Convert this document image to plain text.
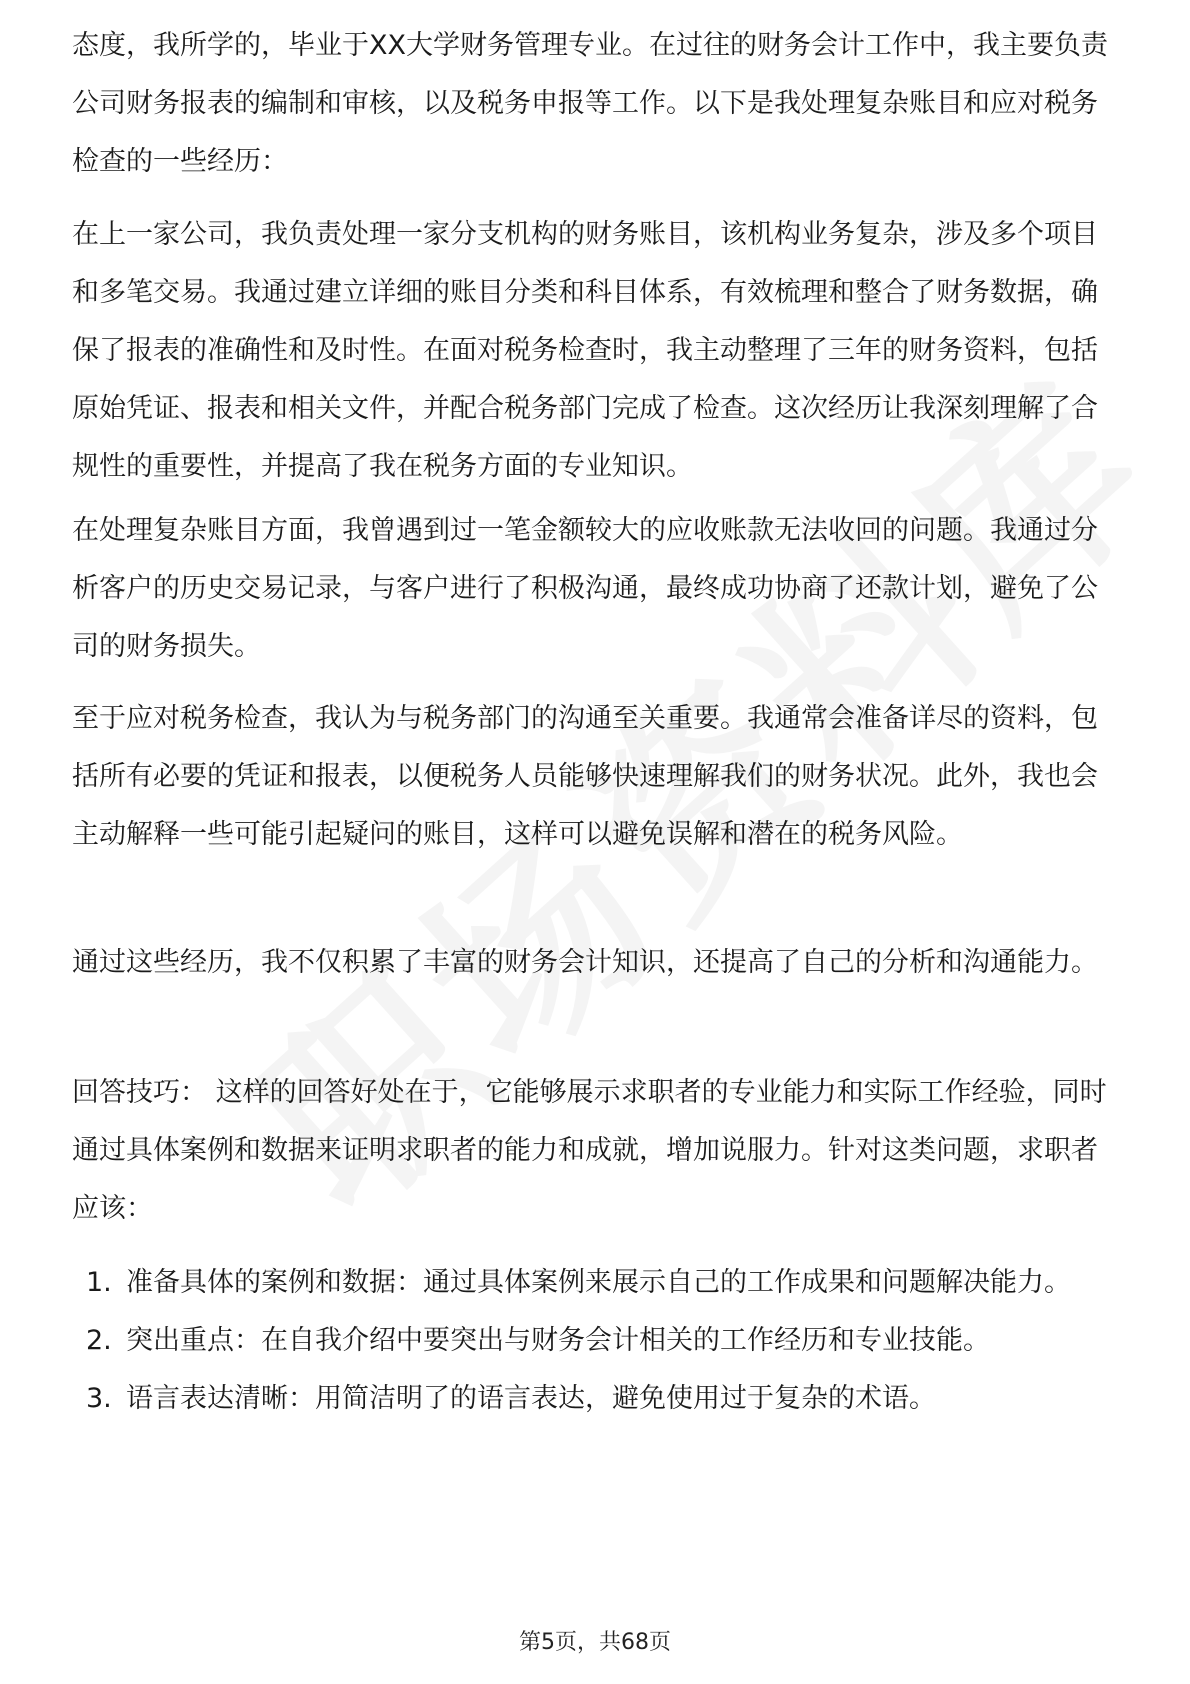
态度，我所学的，毕业于XX大学财务管理专业。在过往的财务会计工作中，我主要负责公司财务报表的编制和审核，以及税务申报等工作。以下是我处理复杂账目和应对税务检查的一些经历：

在上一家公司，我负责处理一家分支机构的财务账目，该机构业务复杂，涉及多个项目和多笔交易。我通过建立详细的账目分类和科目体系，有效梳理和整合了财务数据，确保了报表的准确性和及时性。在面对税务检查时，我主动整理了三年的财务资料，包括原始凭证、报表和相关文件，并配合税务部门完成了检查。这次经历让我深刻理解了合规性的重要性，并提高了我在税务方面的专业知识。

在处理复杂账目方面，我曾遇到过一笔金额较大的应收账款无法收回的问题。我通过分析客户的历史交易记录，与客户进行了积极沟通，最终成功协商了还款计划，避免了公司的财务损失。

至于应对税务检查，我认为与税务部门的沟通至关重要。我通常会准备详尽的资料，包括所有必要的凭证和报表，以便税务人员能够快速理解我们的财务状况。此外，我也会主动解释一些可能引起疑问的账目，这样可以避免误解和潜在的税务风险。

通过这些经历，我不仅积累了丰富的财务会计知识，还提高了自己的分析和沟通能力。

回答技巧： 这样的回答好处在于，它能够展示求职者的专业能力和实际工作经验，同时通过具体案例和数据来证明求职者的能力和成就，增加说服力。针对这类问题，求职者应该：

1. 准备具体的案例和数据：通过具体案例来展示自己的工作成果和问题解决能力。
2. 突出重点：在自我介绍中要突出与财务会计相关的工作经历和专业技能。
3. 语言表达清晰：用简洁明了的语言表达，避免使用过于复杂的术语。
第5页，共68页
